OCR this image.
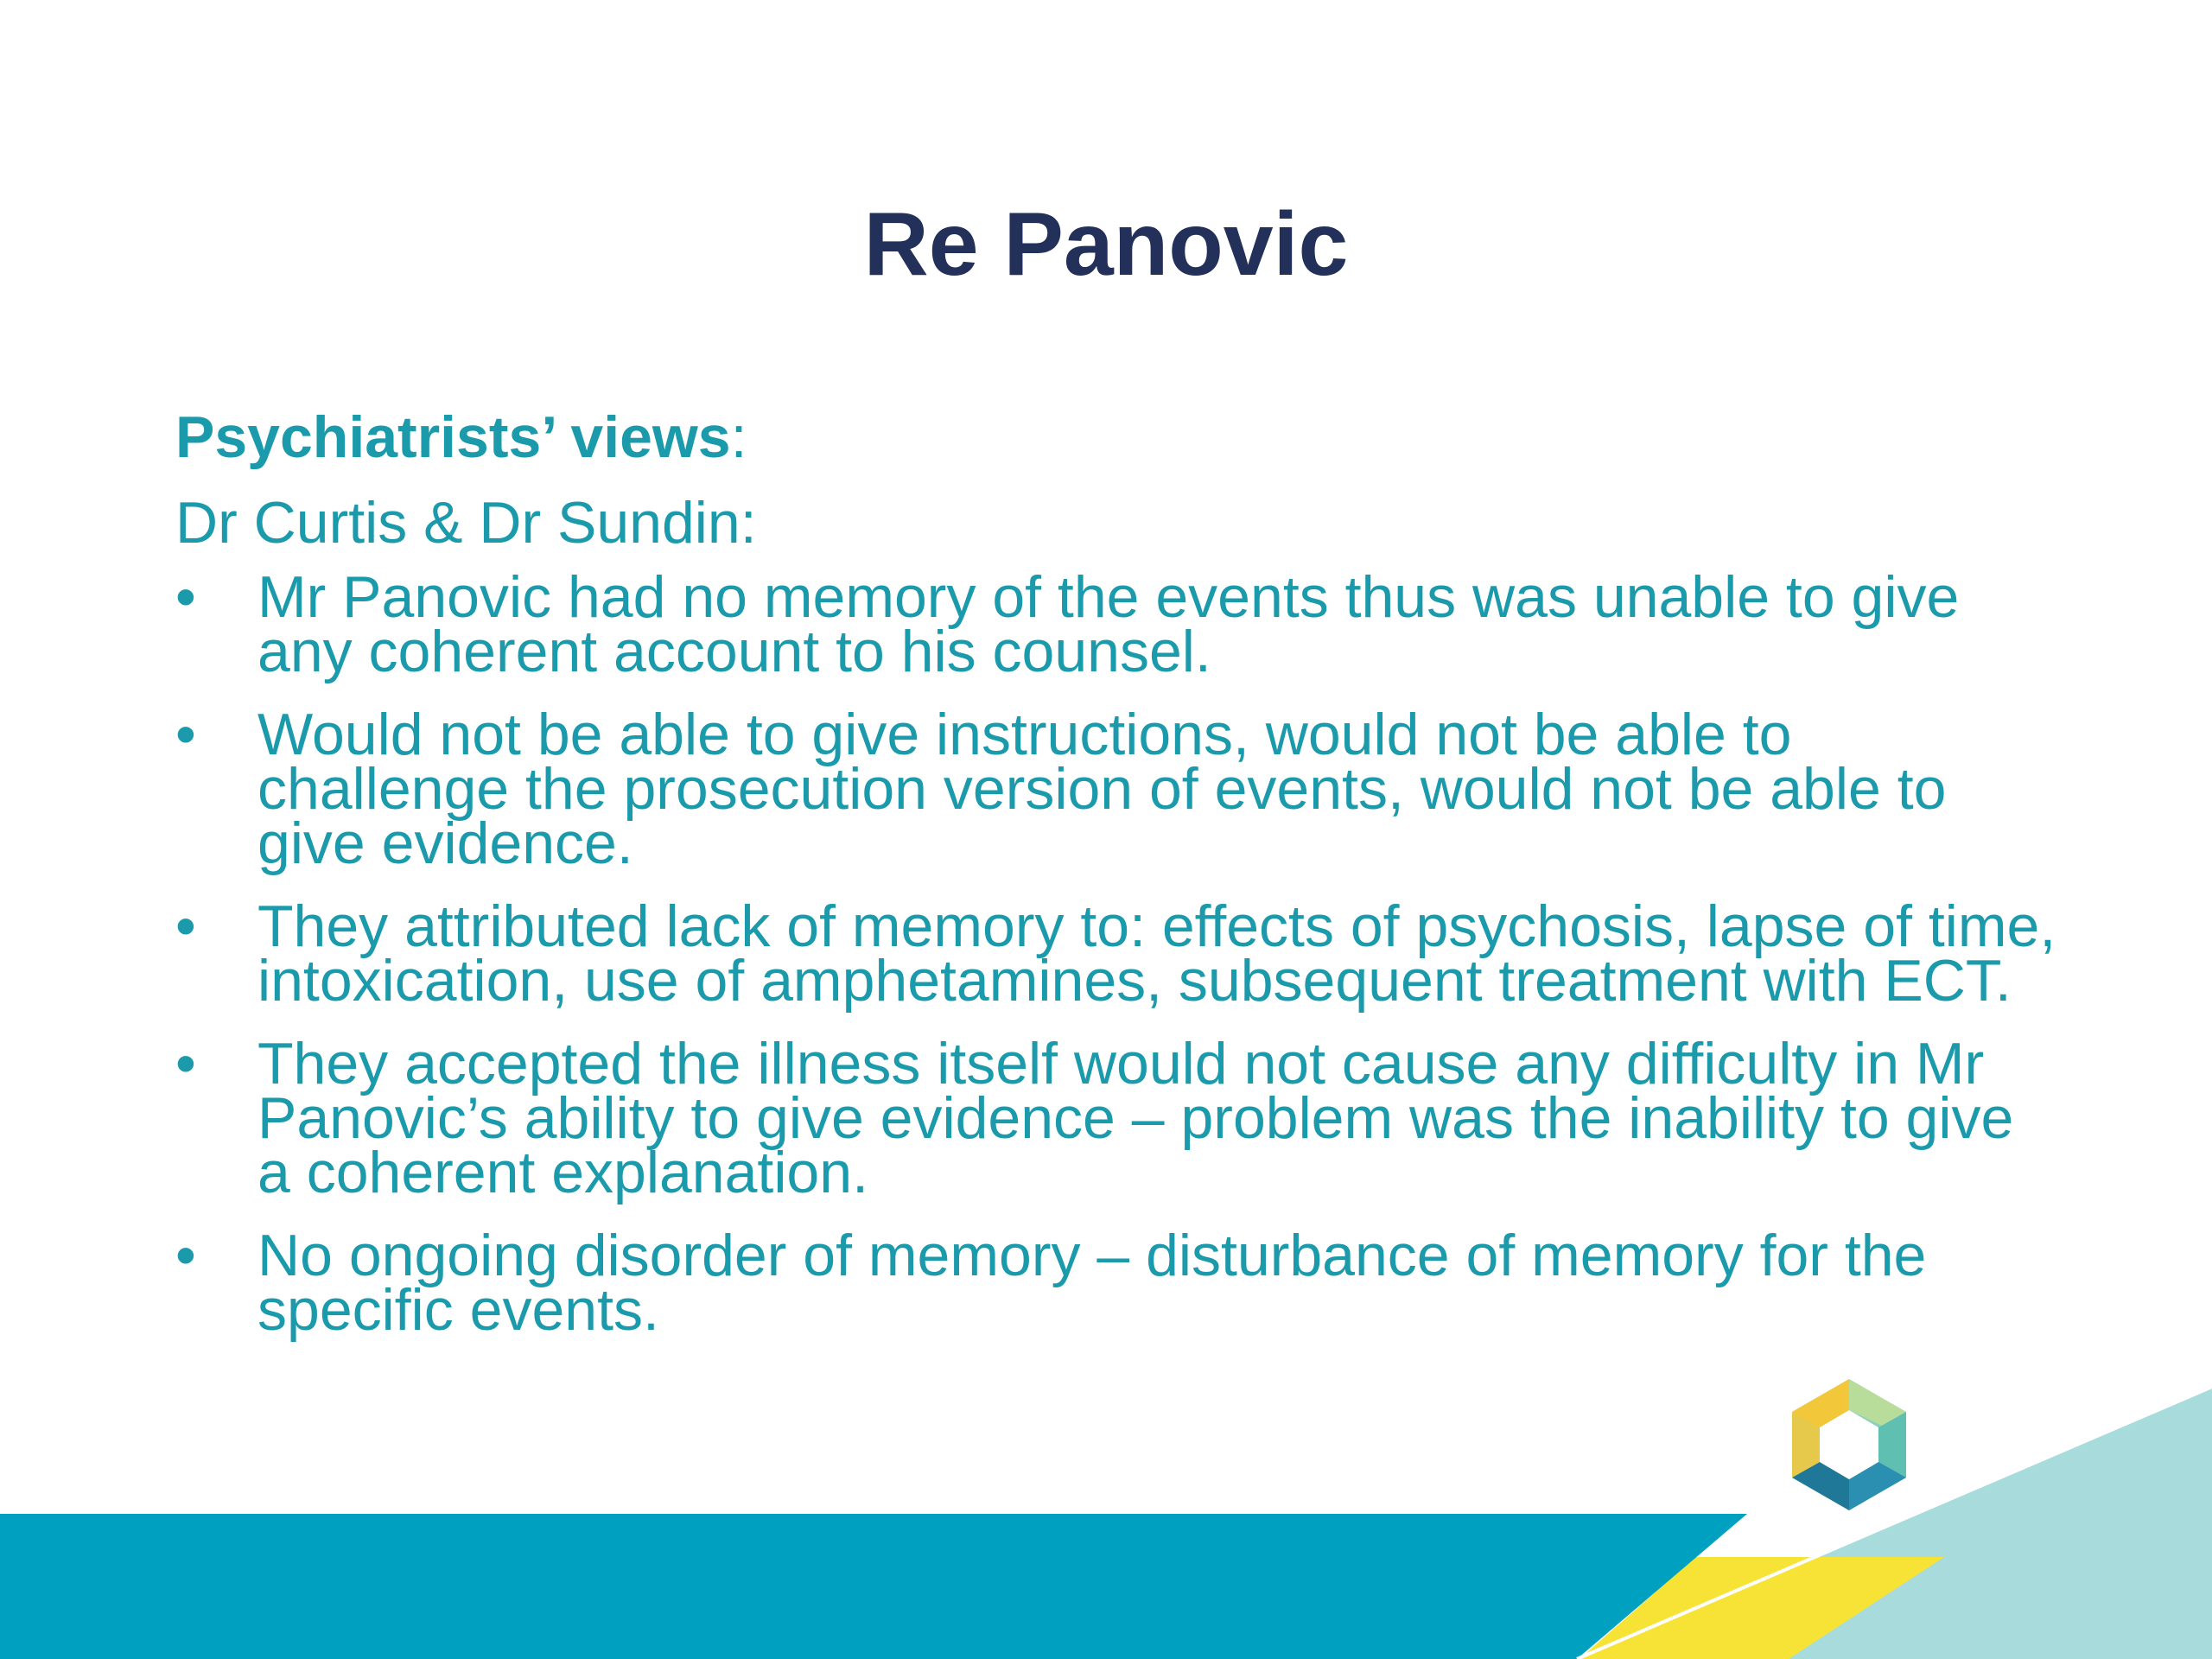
Re Panovic

Psychiatrists’ views:

Dr Curtis & Dr Sundin:

• Mr Panovic had no memory of the events thus was unable to give any coherent account to his counsel.
• Would not be able to give instructions, would not be able to challenge the prosecution version of events, would not be able to give evidence.
• They attributed lack of memory to: effects of psychosis, lapse of time, intoxication, use of amphetamines, subsequent treatment with ECT.
• They accepted the illness itself would not cause any difficulty in Mr Panovic’s ability to give evidence – problem was the inability to give a coherent explanation.
• No ongoing disorder of memory – disturbance of memory for the specific events.
